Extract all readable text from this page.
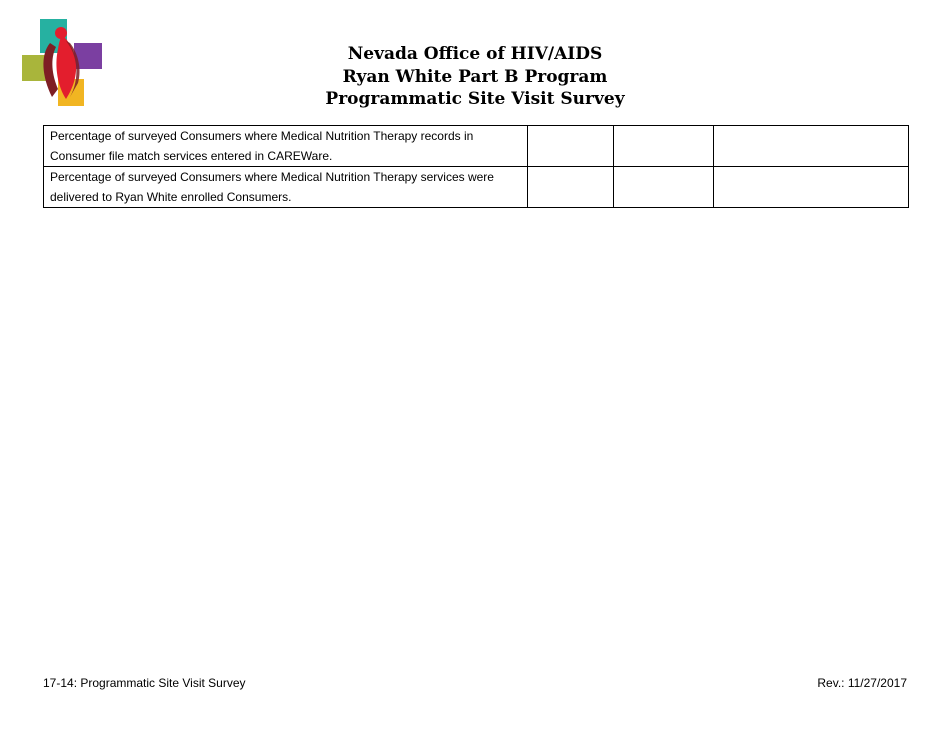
Nevada Office of HIV/AIDS
Ryan White Part B Program
Programmatic Site Visit Survey
Percentage of surveyed Consumers where Medical Nutrition Therapy records in Consumer file match services entered in CAREWare.			
Percentage of surveyed Consumers where Medical Nutrition Therapy services were delivered to Ryan White enrolled Consumers.			
17-14: Programmatic Site Visit Survey	Rev.: 11/27/2017
